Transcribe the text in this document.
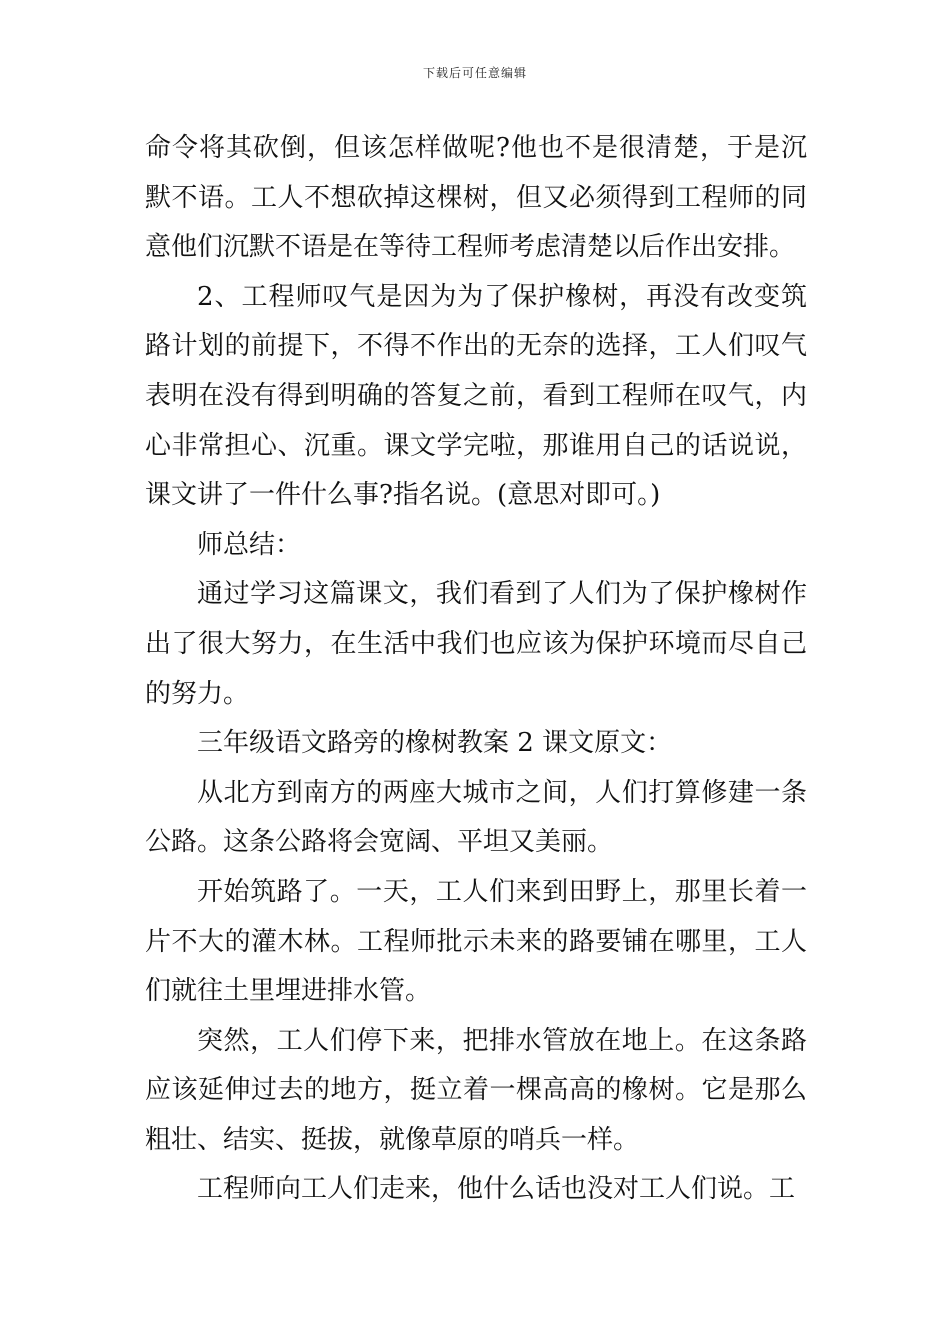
下载后可任意编辑

命令将其砍倒，但该怎样做呢?他也不是很清楚，于是沉默不语。工人不想砍掉这棵树，但又必须得到工程师的同意他们沉默不语是在等待工程师考虑清楚以后作出安排。

2、工程师叹气是因为为了保护橡树，再没有改变筑路计划的前提下，不得不作出的无奈的选择，工人们叹气表明在没有得到明确的答复之前，看到工程师在叹气，内心非常担心、沉重。课文学完啦，那谁用自己的话说说，课文讲了一件什么事?指名说。(意思对即可。)

师总结：

通过学习这篇课文，我们看到了人们为了保护橡树作出了很大努力，在生活中我们也应该为保护环境而尽自己的努力。

三年级语文路旁的橡树教案 2 课文原文：

从北方到南方的两座大城市之间，人们打算修建一条公路。这条公路将会宽阔、平坦又美丽。

开始筑路了。一天，工人们来到田野上，那里长着一片不大的灌木林。工程师批示未来的路要铺在哪里，工人们就往土里埋进排水管。

突然，工人们停下来，把排水管放在地上。在这条路应该延伸过去的地方，挺立着一棵高高的橡树。它是那么粗壮、结实、挺拔，就像草原的哨兵一样。

工程师向工人们走来，他什么话也没对工人们说。工
